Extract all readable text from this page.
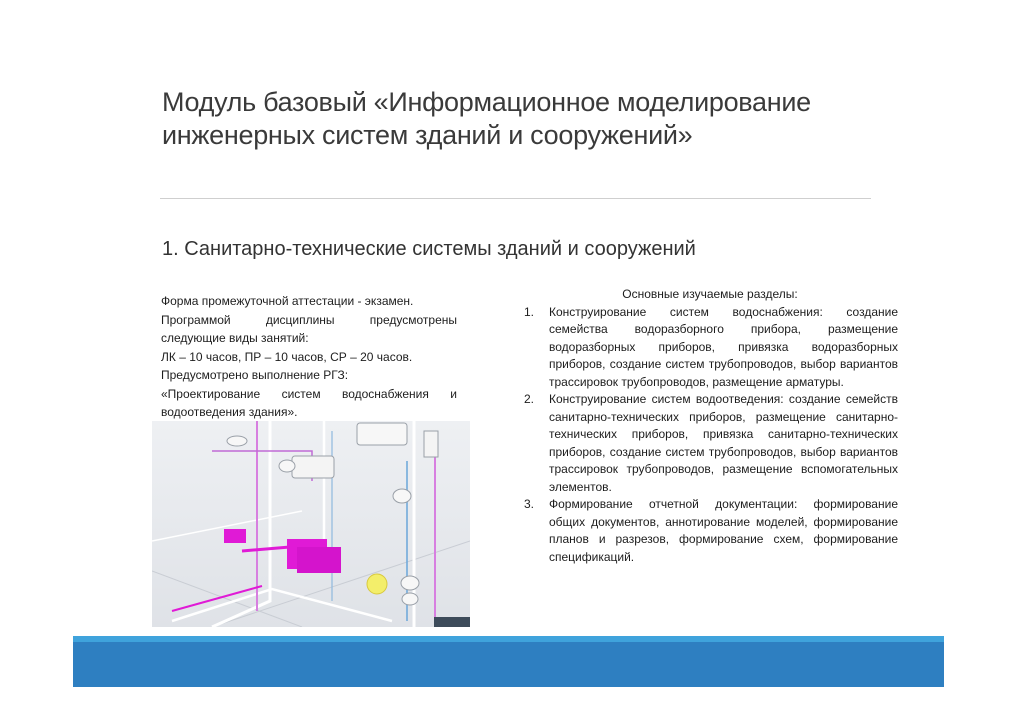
Модуль базовый «Информационное моделирование
инженерных систем зданий и сооружений»
1. Санитарно-технические системы зданий и сооружений
Форма промежуточной аттестации - экзамен.
Программой дисциплины предусмотрены
следующие виды занятий:
ЛК – 10 часов, ПР – 10 часов, СР – 20 часов.
Предусмотрено выполнение РГЗ:
«Проектирование систем водоснабжения и
водоотведения здания».
Основные изучаемые разделы:
1. Конструирование систем водоснабжения: создание семейства водоразборного прибора, размещение водоразборных приборов, привязка водоразборных приборов, создание систем трубопроводов, выбор вариантов трассировок трубопроводов, размещение арматуры.
2. Конструирование систем водоотведения: создание семейств санитарно-технических приборов, размещение санитарно-технических приборов, привязка санитарно-технических приборов, создание систем трубопроводов, выбор вариантов трассировок трубопроводов, размещение вспомогательных элементов.
3. Формирование отчетной документации: формирование общих документов, аннотирование моделей, формирование планов и разрезов, формирование схем, формирование спецификаций.
